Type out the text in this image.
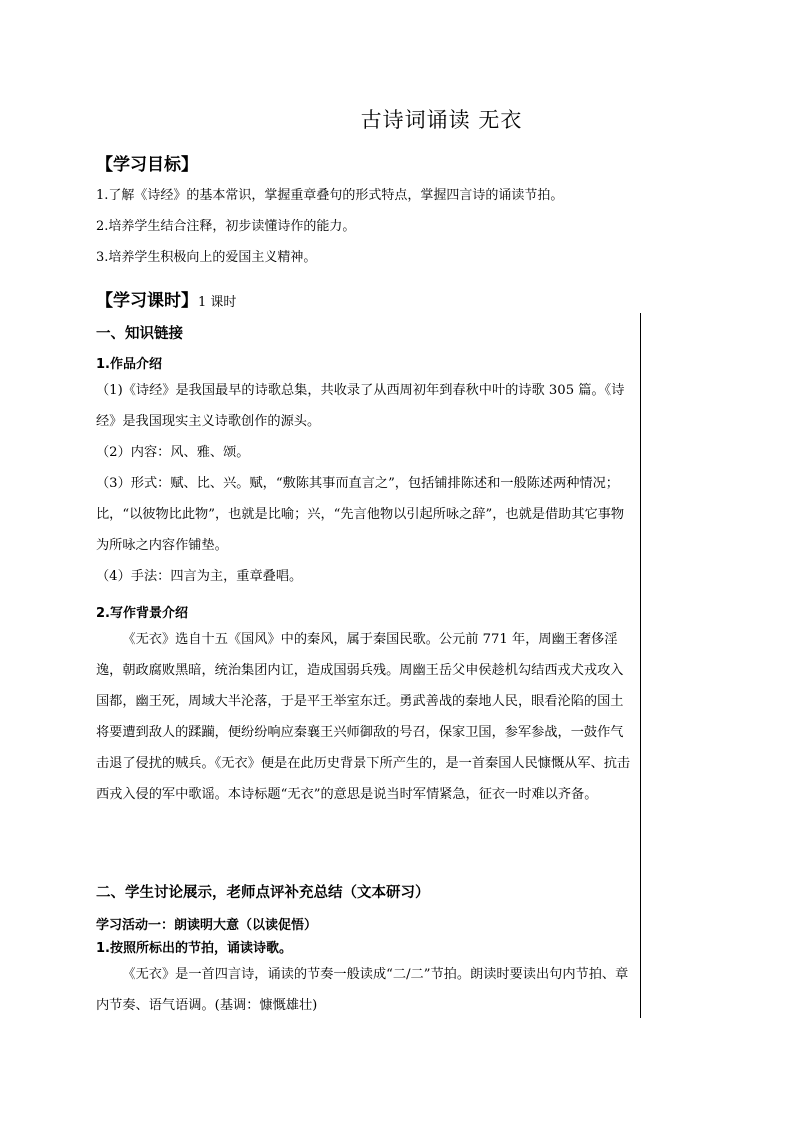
古诗词诵读 无衣
【学习目标】
1.了解《诗经》的基本常识，掌握重章叠句的形式特点，掌握四言诗的诵读节拍。
2.培养学生结合注释，初步读懂诗作的能力。
3.培养学生积极向上的爱国主义精神。
【学习课时】1 课时
一、知识链接
1.作品介绍

（1)《诗经》是我国最早的诗歌总集，共收录了从西周初年到春秋中叶的诗歌 305 篇。《诗经》是我国现实主义诗歌创作的源头。

（2）内容：风、雅、颂。

（3）形式：赋、比、兴。赋，“敷陈其事而直言之”，包括铺排陈述和一般陈述两种情况；比，“以彼物比此物”，也就是比喻；兴，“先言他物以引起所咏之辞”，也就是借助其它事物为所咏之内容作铺垫。

（4）手法：四言为主，重章叠唱。

2.写作背景介绍

《无衣》选自十五《国风》中的秦风，属于秦国民歌。公元前 771 年，周幽王奢侈淫逸，朝政腐败黑暗，统治集团内讧，造成国弱兵残。周幽王岳父申侯趁机勾结西戎犬戎攻入国都，幽王死，周域大半沦落，于是平王举室东迁。勇武善战的秦地人民，眼看沦陷的国土将要遭到敌人的蹂躏，便纷纷响应秦襄王兴师御敌的号召，保家卫国，参军参战，一鼓作气击退了侵扰的贼兵。《无衣》便是在此历史背景下所产生的，是一首秦国人民慷慨从军、抗击西戎入侵的军中歌谣。本诗标题“无衣”的意思是说当时军情紧急，征衣一时难以齐备。

二、学生讨论展示，老师点评补充总结（文本研习）
学习活动一：朗读明大意（以读促悟）
1.按照所标出的节拍，诵读诗歌。

《无衣》是一首四言诗，诵读的节奏一般读成“二/二”节拍。朗读时要读出句内节拍、章内节奏、语气语调。(基调：慷慨雄壮)
